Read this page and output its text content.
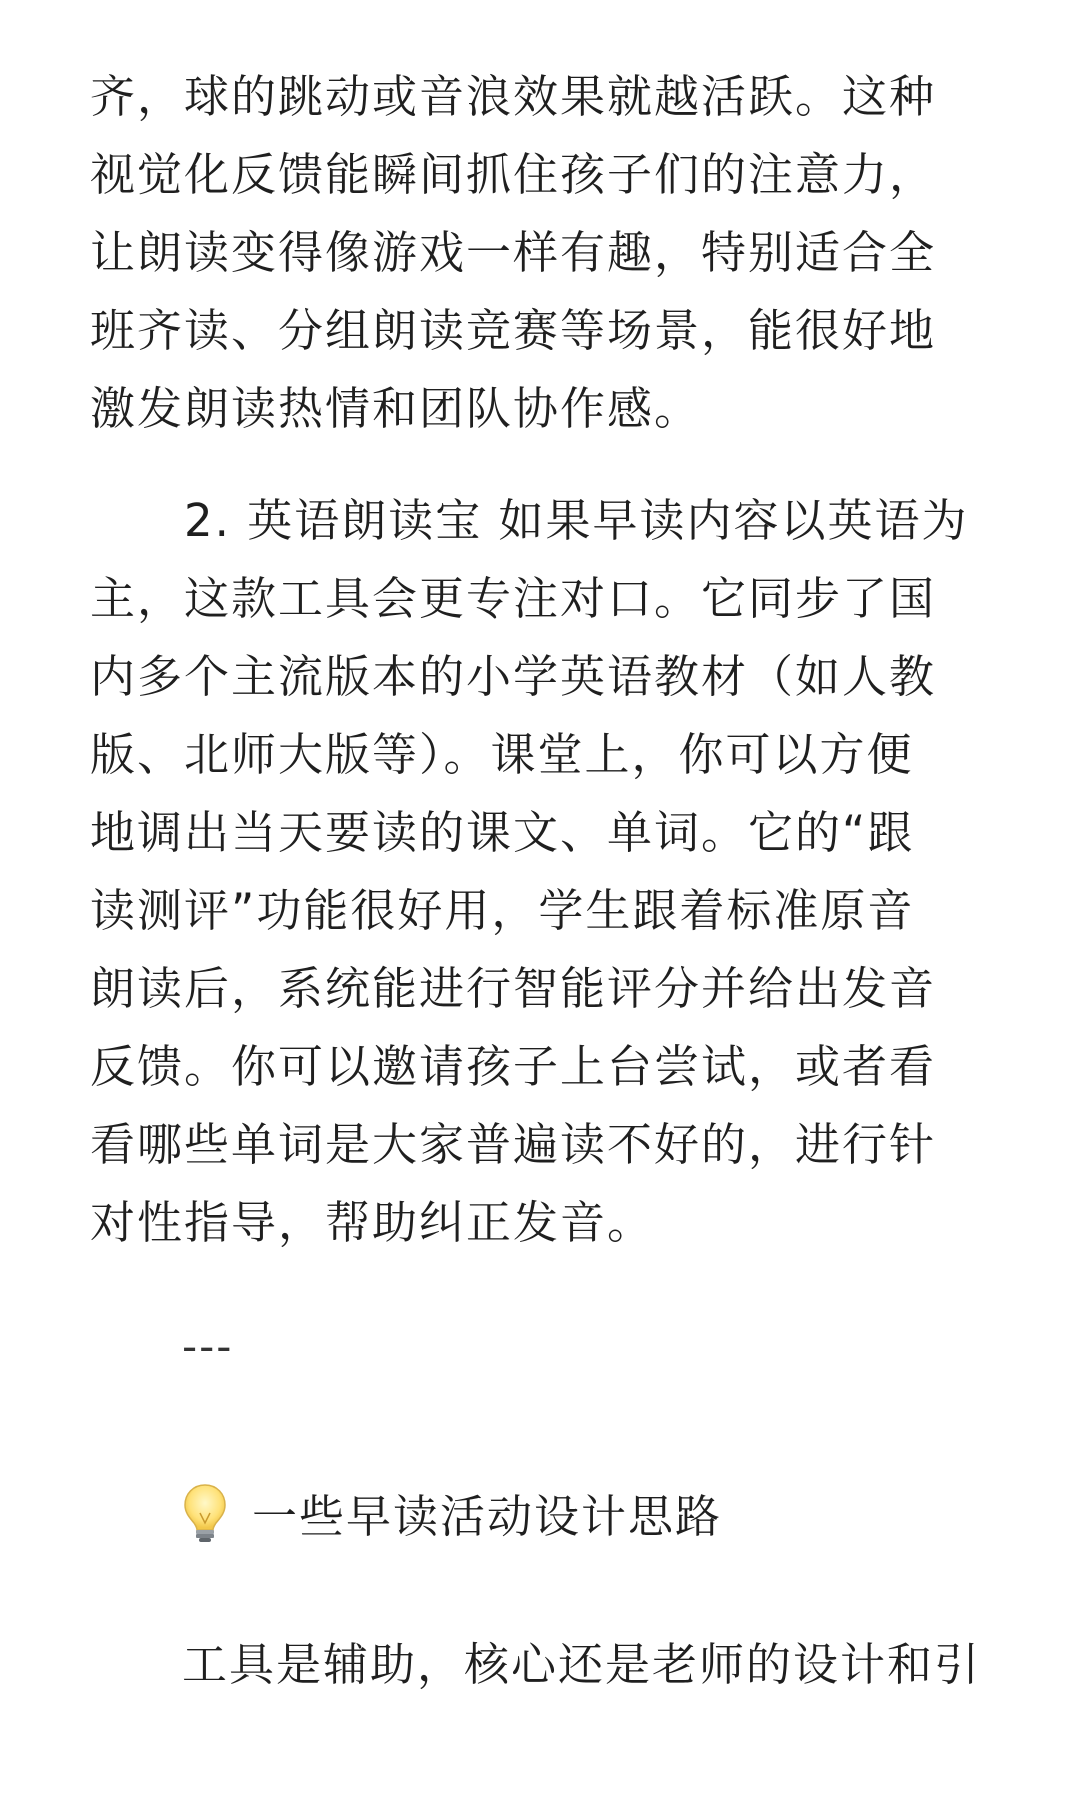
齐，球的跳动或音浪效果就越活跃。这种
视觉化反馈能瞬间抓住孩子们的注意力，
让朗读变得像游戏一样有趣，特别适合全
班齐读、分组朗读竞赛等场景，能很好地
激发朗读热情和团队协作感。
　　2. 英语朗读宝 如果早读内容以英语为
主，这款工具会更专注对口。它同步了国
内多个主流版本的小学英语教材（如人教
版、北师大版等）。课堂上，你可以方便
地调出当天要读的课文、单词。它的“跟
读测评”功能很好用，学生跟着标准原音
朗读后，系统能进行智能评分并给出发音
反馈。你可以邀请孩子上台尝试，或者看
看哪些单词是大家普遍读不好的，进行针
对性指导，帮助纠正发音。
---
一些早读活动设计思路
工具是辅助，核心还是老师的设计和引
